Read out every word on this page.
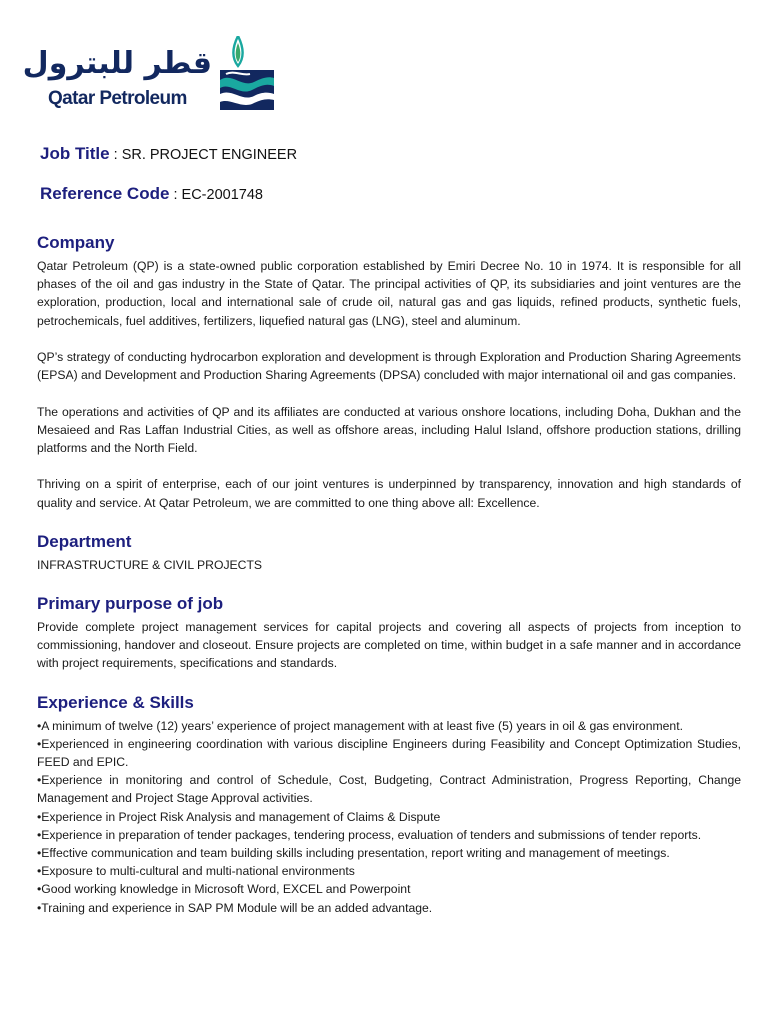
قطر للبترول
Qatar Petroleum
Job Title : SR. PROJECT ENGINEER
Reference Code : EC-2001748
Company

Qatar Petroleum (QP) is a state-owned public corporation established by Emiri Decree No. 10 in 1974. It is responsible for all phases of the oil and gas industry in the State of Qatar. The principal activities of QP, its subsidiaries and joint ventures are the exploration, production, local and international sale of crude oil, natural gas and gas liquids, refined products, synthetic fuels, petrochemicals, fuel additives, fertilizers, liquefied natural gas (LNG), steel and aluminum.

QP’s strategy of conducting hydrocarbon exploration and development is through Exploration and Production Sharing Agreements (EPSA) and Development and Production Sharing Agreements (DPSA) concluded with major international oil and gas companies.

The operations and activities of QP and its affiliates are conducted at various onshore locations, including Doha, Dukhan and the Mesaieed and Ras Laffan Industrial Cities, as well as offshore areas, including Halul Island, offshore production stations, drilling platforms and the North Field.

Thriving on a spirit of enterprise, each of our joint ventures is underpinned by transparency, innovation and high standards of quality and service. At Qatar Petroleum, we are committed to one thing above all: Excellence.

Department

INFRASTRUCTURE & CIVIL PROJECTS

Primary purpose of job

Provide complete project management services for capital projects and covering all aspects of projects from inception to commissioning, handover and closeout. Ensure projects are completed on time, within budget in a safe manner and in accordance with project requirements, specifications and standards.

Experience & Skills

•A minimum of twelve (12) years’ experience of project management with at least five (5) years in oil & gas environment.

•Experienced in engineering coordination with various discipline Engineers during Feasibility and Concept Optimization Studies, FEED and EPIC.

•Experience in monitoring and control of Schedule, Cost, Budgeting, Contract Administration, Progress Reporting, Change Management and Project Stage Approval activities.

•Experience in Project Risk Analysis and management of Claims & Dispute

•Experience in preparation of tender packages, tendering process, evaluation of tenders and submissions of tender reports.

•Effective communication and team building skills including presentation, report writing and management of meetings.

•Exposure to multi-cultural and multi-national environments

•Good working knowledge in Microsoft Word, EXCEL and Powerpoint

•Training and experience in SAP PM Module will be an added advantage.
